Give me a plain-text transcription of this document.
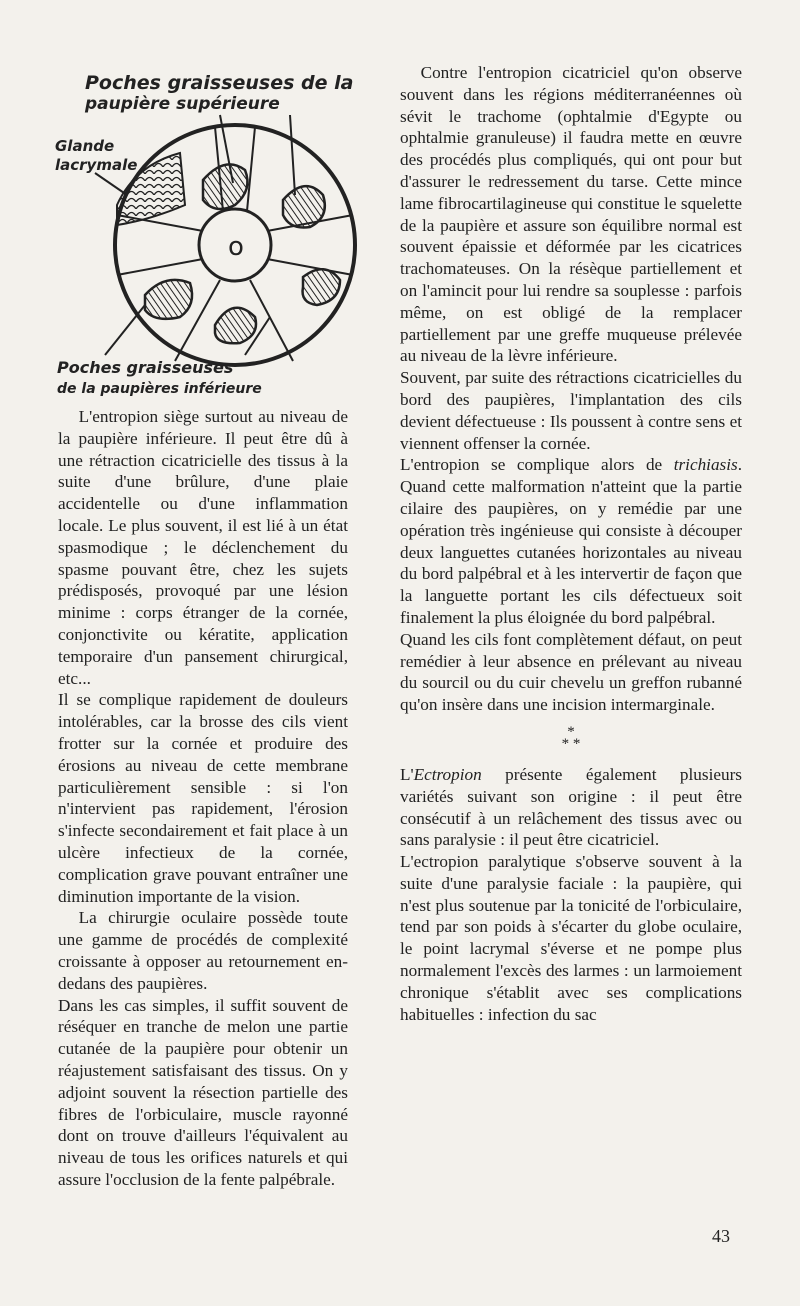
Poches graisseuses de la
paupière supérieure
Glande
lacrymale
o
Poches graisseuses
de la paupières inférieure

L'entropion siège surtout au niveau de la paupière inférieure. Il peut être dû à une rétraction cicatricielle des tissus à la suite d'une brûlure, d'une plaie accidentelle ou d'une inflammation locale. Le plus souvent, il est lié à un état spasmodique ; le déclenchement du spasme pouvant être, chez les sujets prédisposés, provoqué par une lésion minime : corps étranger de la cornée, conjonctivite ou kératite, application temporaire d'un pansement chirurgical, etc...

Il se complique rapidement de douleurs intolérables, car la brosse des cils vient frotter sur la cornée et produire des érosions au niveau de cette membrane particulièrement sensible : si l'on n'intervient pas rapidement, l'érosion s'infecte secondairement et fait place à un ulcère infectieux de la cornée, complication grave pouvant entraîner une diminution importante de la vision.

La chirurgie oculaire possède toute une gamme de procédés de complexité croissante à opposer au retournement en-dedans des paupières.

Dans les cas simples, il suffit souvent de réséquer en tranche de melon une partie cutanée de la paupière pour obtenir un réajustement satisfaisant des tissus. On y adjoint souvent la résection partielle des fibres de l'orbiculaire, muscle rayonné dont on trouve d'ailleurs l'équivalent au niveau de tous les orifices naturels et qui assure l'occlusion de la fente palpébrale.

Contre l'entropion cicatriciel qu'on observe souvent dans les régions méditerranéennes où sévit le trachome (ophtalmie d'Egypte ou ophtalmie granuleuse) il faudra mette en œuvre des procédés plus compliqués, qui ont pour but d'assurer le redressement du tarse. Cette mince lame fibrocartilagineuse qui constitue le squelette de la paupière et assure son équilibre normal est souvent épaissie et déformée par les cicatrices trachomateuses. On la résèque partiellement et on l'amincit pour lui rendre sa souplesse : parfois même, on est obligé de la remplacer partiellement par une greffe muqueuse prélevée au niveau de la lèvre inférieure.

Souvent, par suite des rétractions cicatricielles du bord des paupières, l'implantation des cils devient défectueuse : Ils poussent à contre sens et viennent offenser la cornée.

L'entropion se complique alors de trichiasis. Quand cette malformation n'atteint que la partie cilaire des paupières, on y remédie par une opération très ingénieuse qui consiste à découper deux languettes cutanées horizontales au niveau du bord palpébral et à les intervertir de façon que la languette portant les cils défectueux soit finalement la plus éloignée du bord palpébral.

Quand les cils font complètement défaut, on peut remédier à leur absence en prélevant au niveau du sourcil ou du cuir chevelu un greffon rubanné qu'on insère dans une incision intermarginale.

*
* *

L'Ectropion présente également plusieurs variétés suivant son origine : il peut être consécutif à un relâchement des tissus avec ou sans paralysie : il peut être cicatriciel.

L'ectropion paralytique s'observe souvent à la suite d'une paralysie faciale : la paupière, qui n'est plus soutenue par la tonicité de l'orbiculaire, tend par son poids à s'écarter du globe oculaire, le point lacrymal s'éverse et ne pompe plus normalement l'excès des larmes : un larmoiement chronique s'établit avec ses complications habituelles : infection du sac

43
